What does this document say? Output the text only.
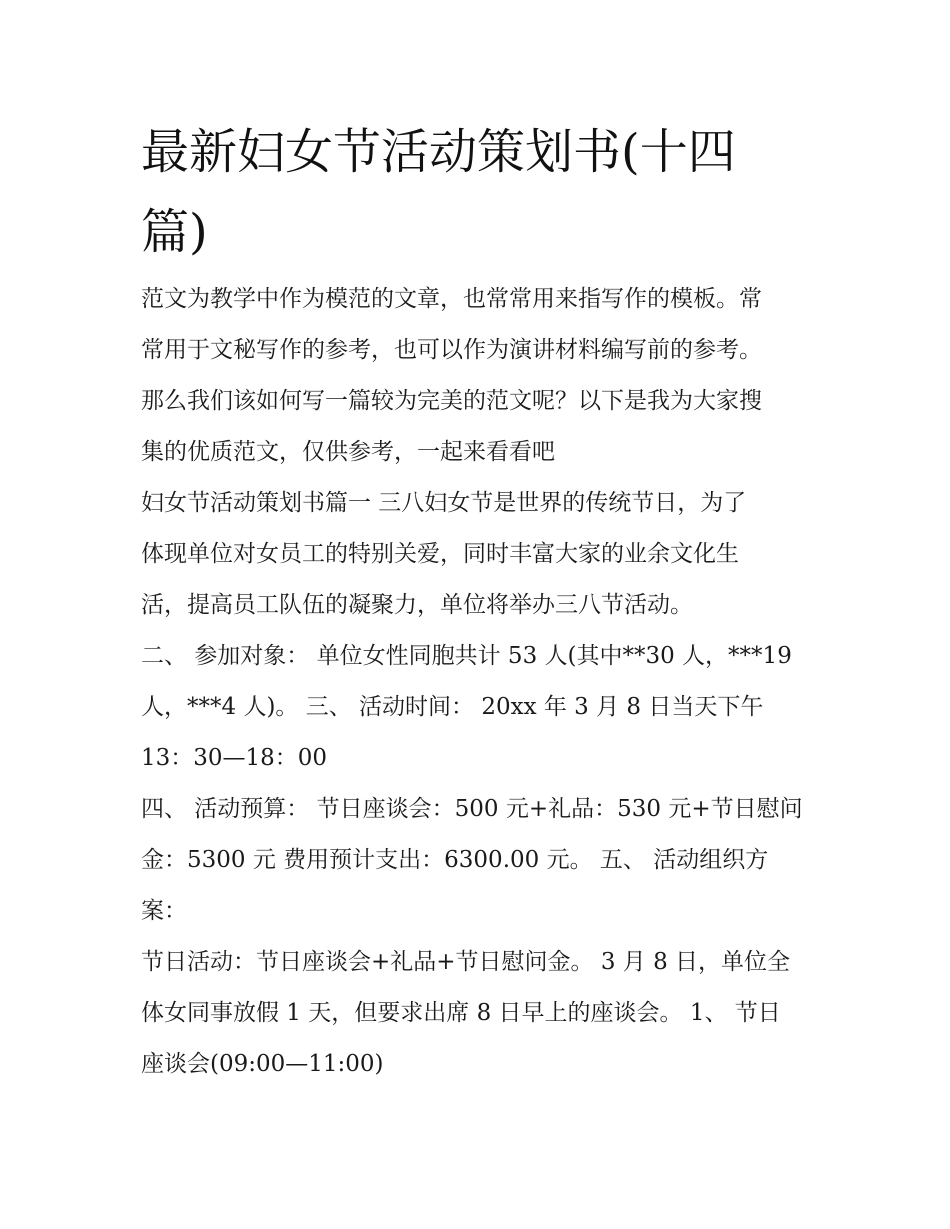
最新妇女节活动策划书(十四
篇)
范文为教学中作为模范的文章，也常常用来指写作的模板。常
常用于文秘写作的参考，也可以作为演讲材料编写前的参考。
那么我们该如何写一篇较为完美的范文呢？以下是我为大家搜
集的优质范文，仅供参考，一起来看看吧
妇女节活动策划书篇一 三八妇女节是世界的传统节日，为了
体现单位对女员工的特别关爱，同时丰富大家的业余文化生
活，提高员工队伍的凝聚力，单位将举办三八节活动。
二、 参加对象： 单位女性同胞共计 53 人(其中**30 人，***19
人，***4 人)。 三、 活动时间： 20xx 年 3 月 8 日当天下午
13：30—18：00
四、 活动预算： 节日座谈会：500 元+礼品：530 元+节日慰问
金：5300 元 费用预计支出：6300.00 元。 五、 活动组织方
案：
节日活动：节日座谈会+礼品+节日慰问金。 3 月 8 日，单位全
体女同事放假 1 天，但要求出席 8 日早上的座谈会。 1、 节日
座谈会(09:00—11:00)
